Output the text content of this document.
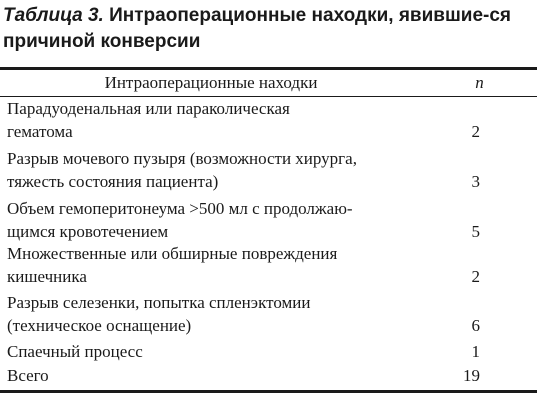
Таблица 3. Интраоперационные находки, явившие-ся причиной конверсии
Интраоперационные находки	n
Парадуоденальная или параколическая
гематома	2
Разрыв мочевого пузыря (возможности хирурга,
тяжесть состояния пациента)	3
Объем гемоперитонеума >500 мл с продолжаю-
щимся кровотечением	5
Множественные или обширные повреждения
кишечника	2
Разрыв селезенки, попытка спленэктомии
(техническое оснащение)	6
Спаечный процесс	1
Всего	19
